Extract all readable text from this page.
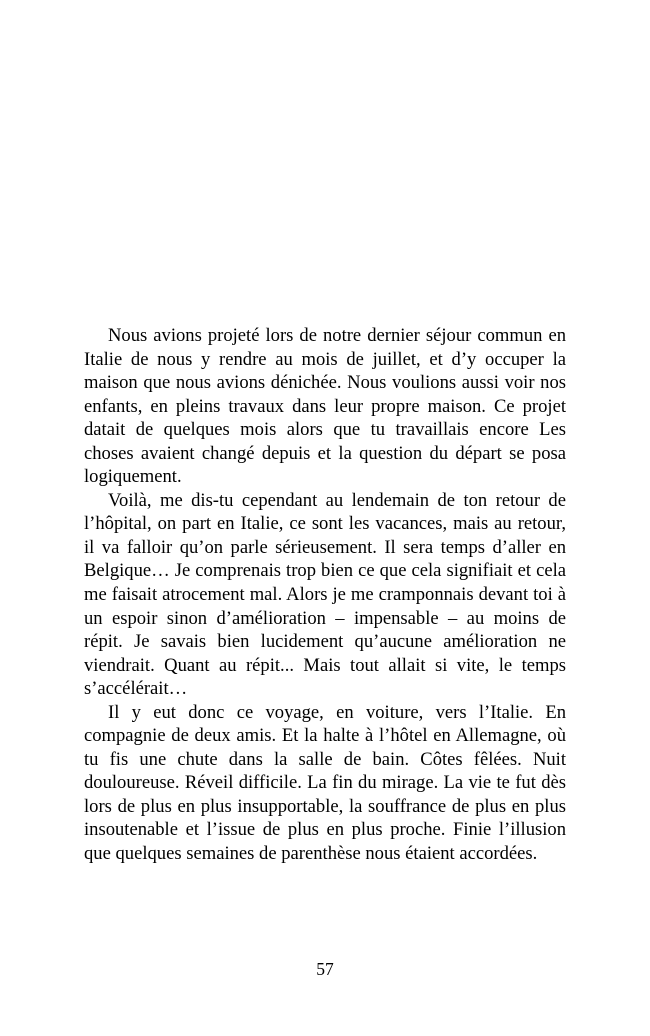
Nous avions projeté lors de notre dernier séjour commun en Italie de nous y rendre au mois de juillet, et d’y occuper la maison que nous avions dénichée. Nous voulions aussi voir nos enfants, en pleins travaux dans leur propre maison. Ce projet datait de quelques mois alors que tu travaillais encore Les choses avaient changé depuis et la question du départ se posa logiquement.

Voilà, me dis-tu cependant au lendemain de ton retour de l’hôpital, on part en Italie, ce sont les vacances, mais au retour, il va falloir qu’on parle sérieusement. Il sera temps d’aller en Belgique… Je comprenais trop bien ce que cela signifiait et cela me faisait atrocement mal. Alors je me cramponnais devant toi à un espoir sinon d’amélioration – impensable – au moins de répit. Je savais bien lucidement qu’aucune amélioration ne viendrait. Quant au répit... Mais tout allait si vite, le temps s’accélérait…

Il y eut donc ce voyage, en voiture, vers l’Italie. En compagnie de deux amis. Et la halte à l’hôtel en Allemagne, où tu fis une chute dans la salle de bain. Côtes fêlées. Nuit douloureuse. Réveil difficile. La fin du mirage. La vie te fut dès lors de plus en plus insupportable, la souffrance de plus en plus insoutenable et l’issue de plus en plus proche. Finie l’illusion que quelques semaines de parenthèse nous étaient accordées.

57
